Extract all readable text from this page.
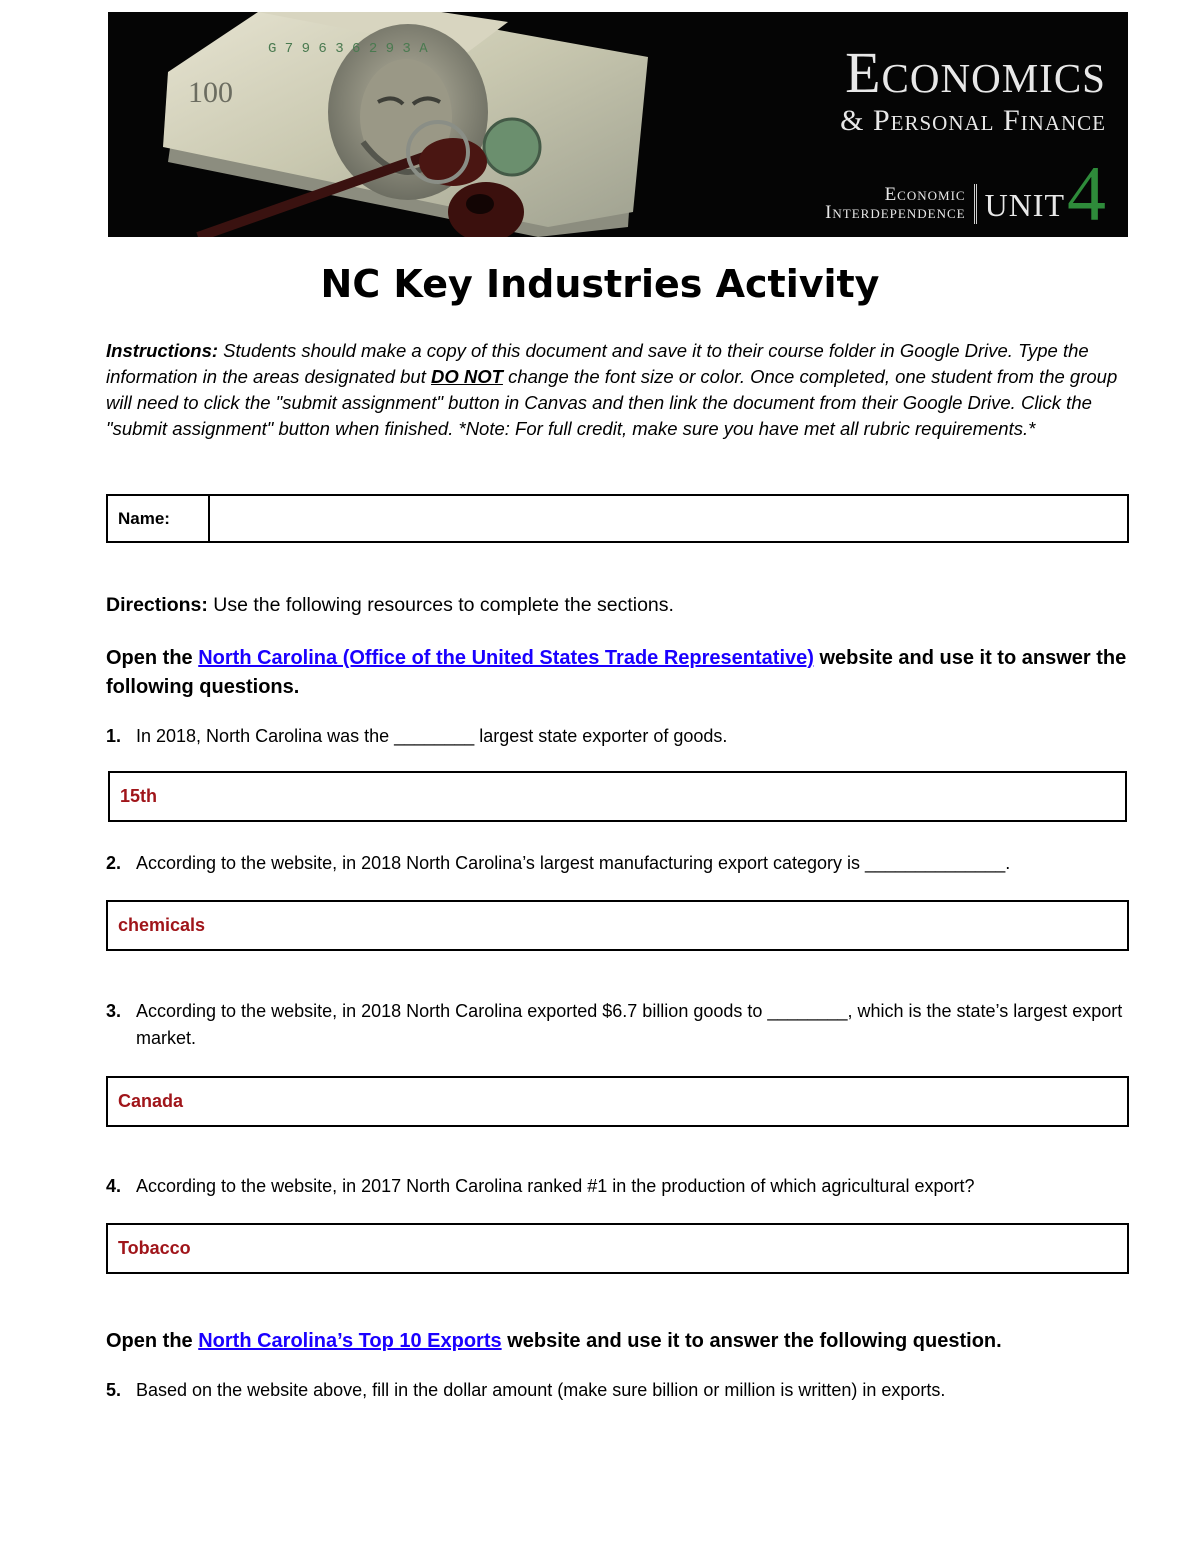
100
G 7 9 6 3 6 2 9 3 A	Economics
& Personal Finance
Economic
Interdependence UNIT 4
NC Key Industries Activity
Instructions: Students should make a copy of this document and save it to their course folder in Google Drive. Type the information in the areas designated but DO NOT change the font size or color. Once completed, one student from the group will need to click the "submit assignment" button in Canvas and then link the document from their Google Drive. Click the "submit assignment" button when finished. *Note: For full credit, make sure you have met all rubric requirements.*
Name:
Directions: Use the following resources to complete the sections.
Open the North Carolina (Office of the United States Trade Representative) website and use it to answer the following questions.
1. In 2018, North Carolina was the ________ largest state exporter of goods.
15th
2. According to the website, in 2018 North Carolina’s largest manufacturing export category is ______________.
chemicals
3. According to the website, in 2018 North Carolina exported $6.7 billion goods to ________, which is the state’s largest export market.
Canada
4. According to the website, in 2017 North Carolina ranked #1 in the production of which agricultural export?
Tobacco
Open the North Carolina’s Top 10 Exports website and use it to answer the following question.
5. Based on the website above, fill in the dollar amount (make sure billion or million is written) in exports.
